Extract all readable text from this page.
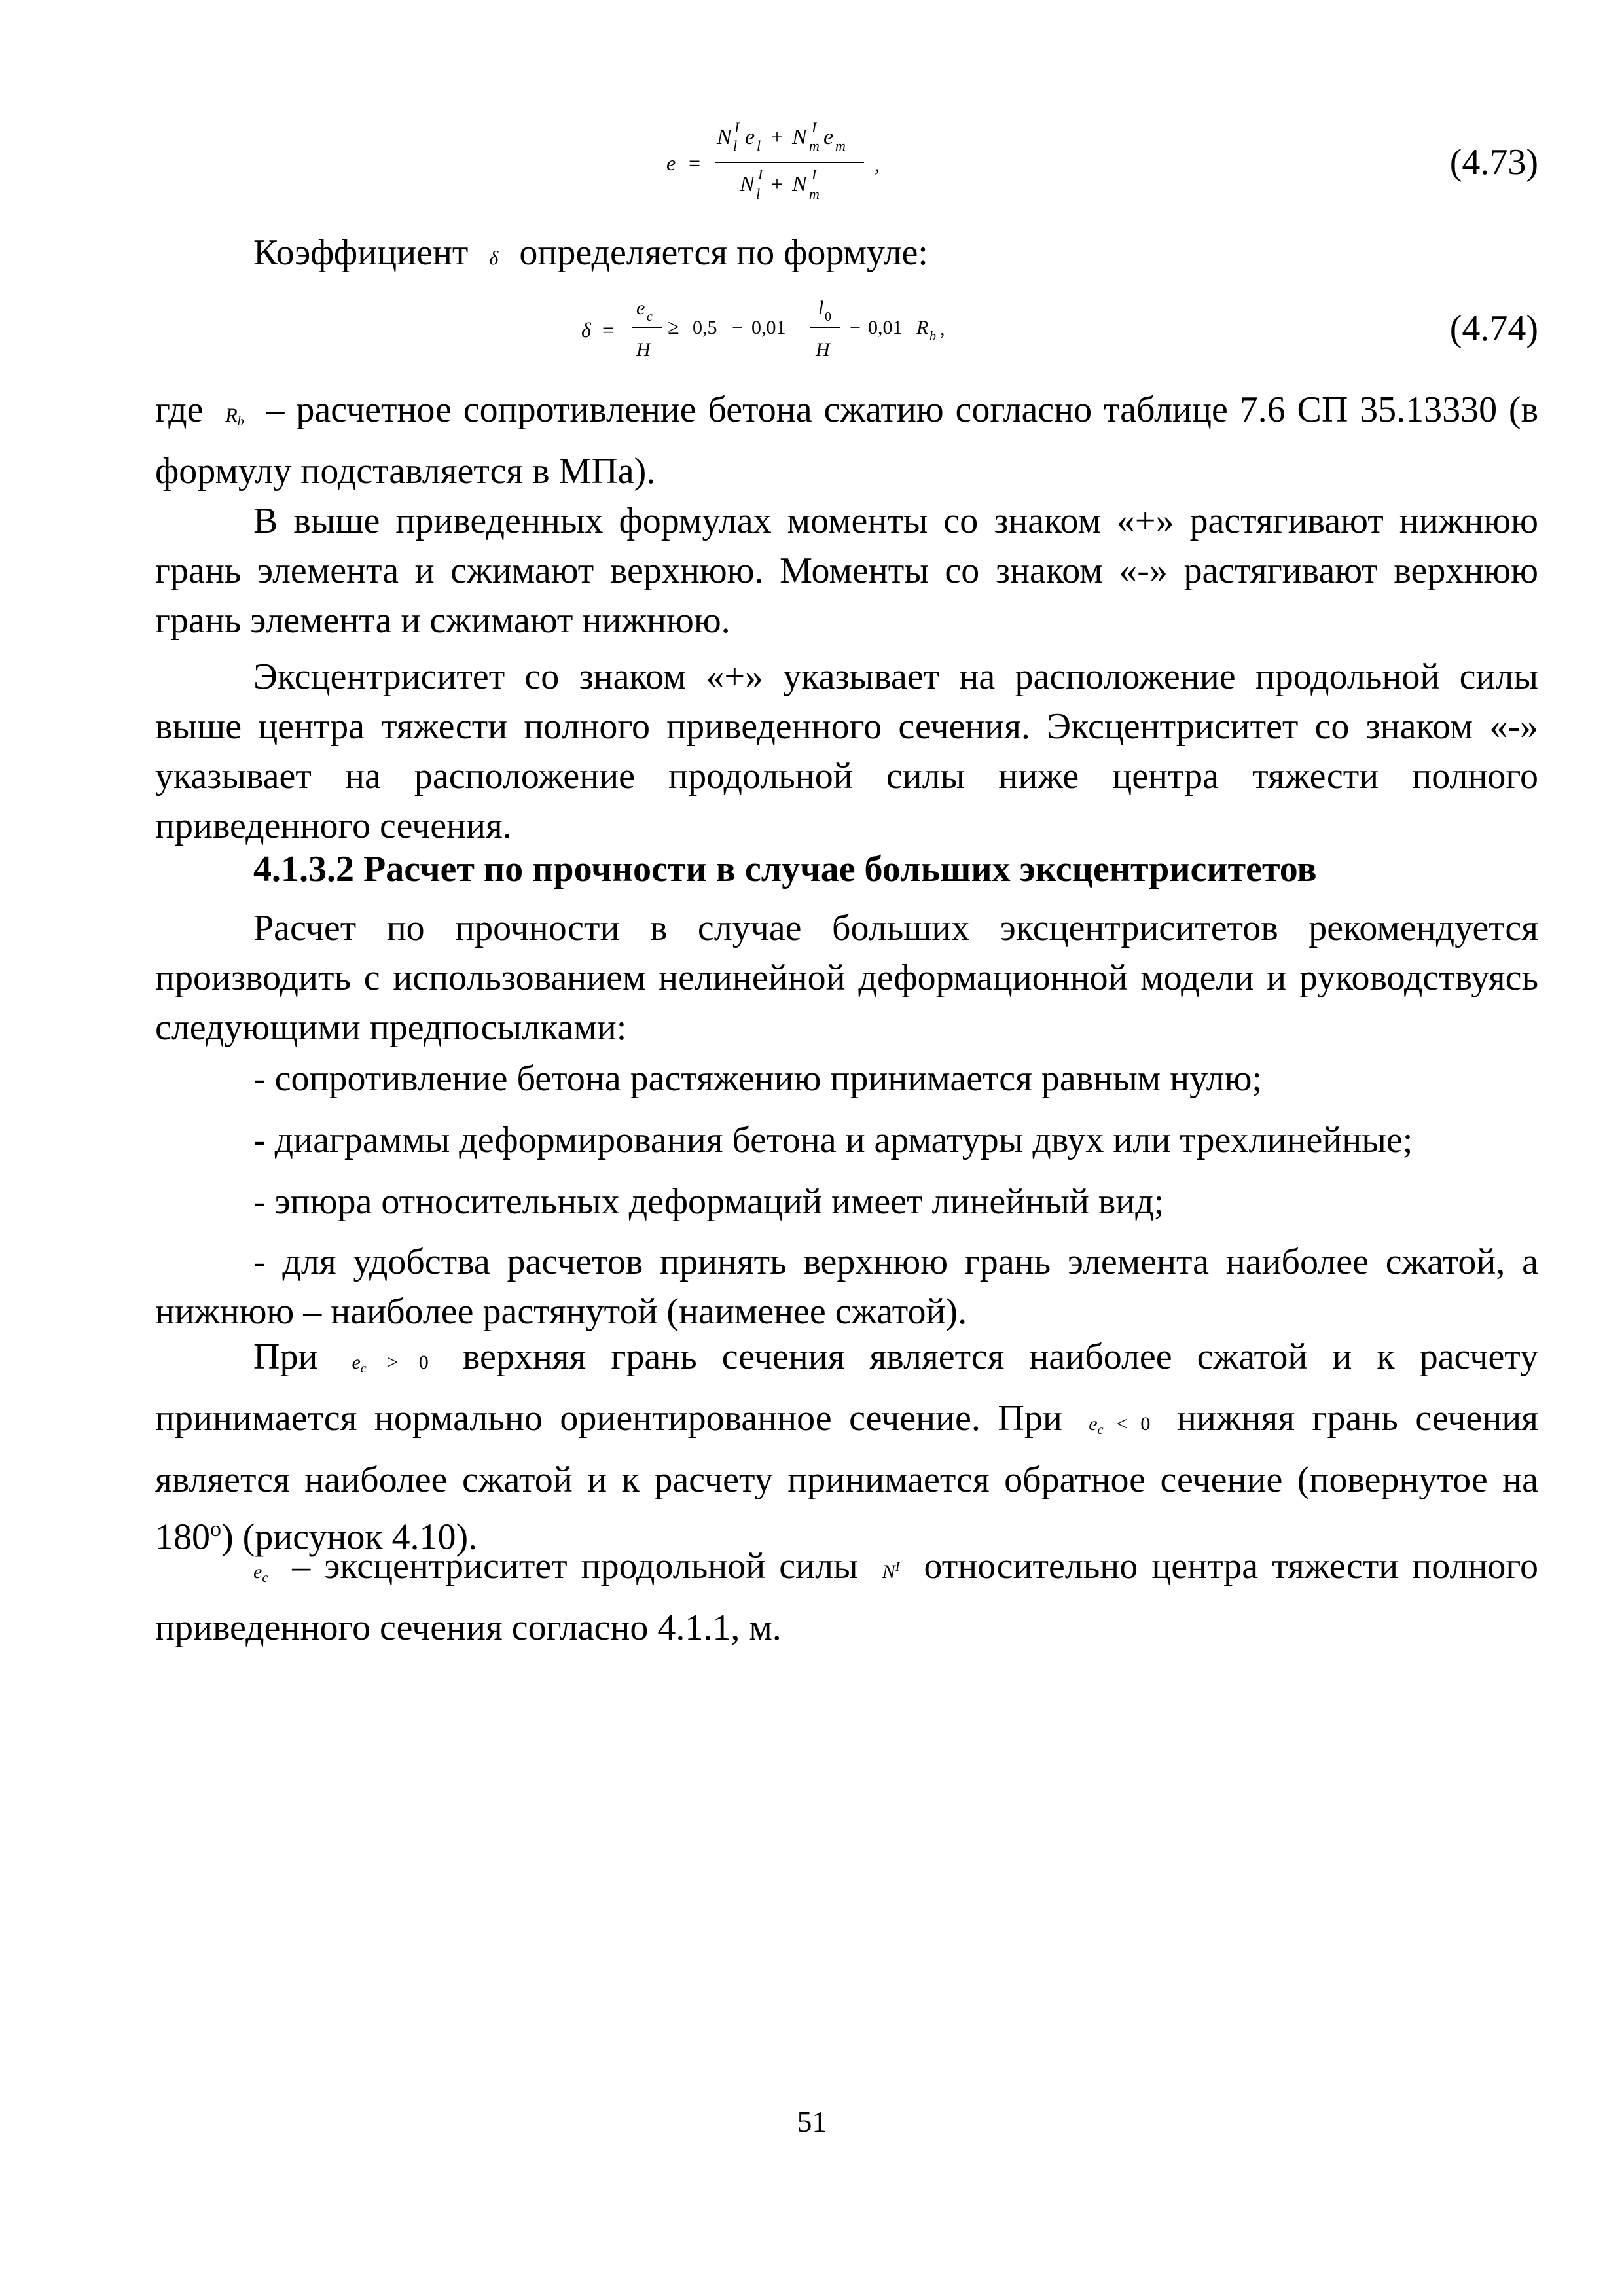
e =
N I
l e l + N I
m e m
N I
l + N I
m
,	(4.73)
Коэффициент δ определяется по формуле:
δ =
e c
H
≥ 0,5 − 0,01
l 0
H
− 0,01 R b ,	(4.74)
где $R_b$ – расчетное сопротивление бетона сжатию согласно таблице 7.6 СП 35.13330 (в формулу подставляется в МПа).
В выше приведенных формулах моменты со знаком «+» растягивают нижнюю грань элемента и сжимают верхнюю. Моменты со знаком «-» растягивают верхнюю грань элемента и сжимают нижнюю.
Эксцентриситет со знаком «+» указывает на расположение продольной силы выше центра тяжести полного приведенного сечения. Эксцентриситет со знаком «-» указывает на расположение продольной силы ниже центра тяжести полного приведенного сечения.
4.1.3.2 Расчет по прочности в случае больших эксцентриситетов
Расчет по прочности в случае больших эксцентриситетов рекомендуется производить с использованием нелинейной деформационной модели и руководствуясь следующими предпосылками:
- сопротивление бетона растяжению принимается равным нулю;
- диаграммы деформирования бетона и арматуры двух или трехлинейные;
- эпюра относительных деформаций имеет линейный вид;
- для удобства расчетов принять верхнюю грань элемента наиболее сжатой, а нижнюю – наиболее растянутой (наименее сжатой).
При $e_c > 0$ верхняя грань сечения является наиболее сжатой и к расчету принимается нормально ориентированное сечение. При $e_c < 0$ нижняя грань сечения является наиболее сжатой и к расчету принимается обратное сечение (повернутое на $180^о$) (рисунок 4.10).
$e_c$ – эксцентриситет продольной силы $N^I$ относительно центра тяжести полного приведенного сечения согласно 4.1.1, м.
51
